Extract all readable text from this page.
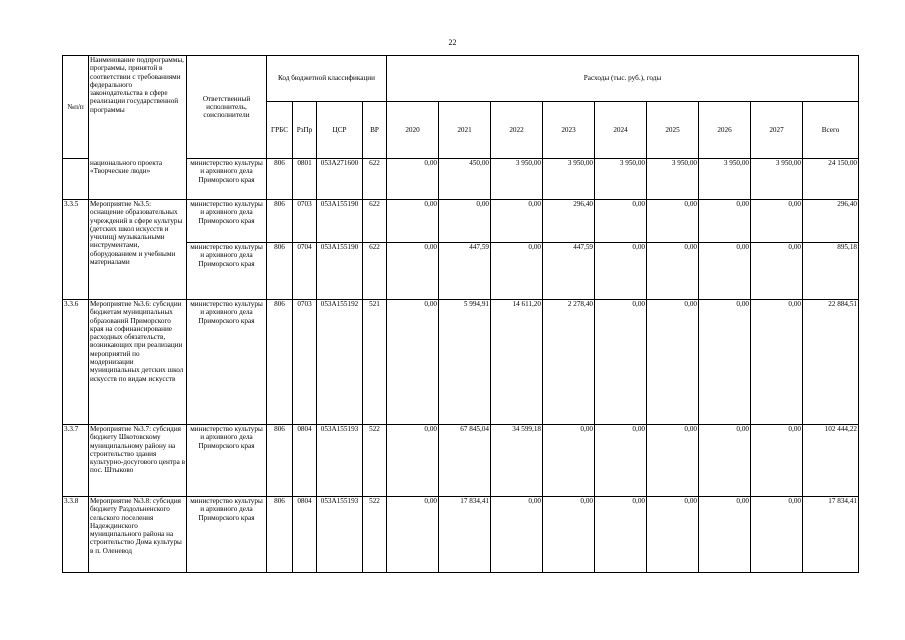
22
№п/п	Наименование подпрограммы, программы, принятой в соответствии с требованиями федерального законодательства в сфере реализации государственной программы	Ответственный исполнитель, соисполнители	Код бюджетной классификации				Расходы (тыс. руб.), годы								
			ГРБС	РзПр	ЦСР	ВР	2020	2021	2022	2023	2024	2025	2026	2027	Всего
	национального проекта «Творческие люди»	министерство культуры и архивного дела Приморского края	806	0801	053А271600	622	0,00	450,00	3 950,00	3 950,00	3 950,00	3 950,00	3 950,00	3 950,00	24 150,00
3.3.5	Мероприятие №3.5: оснащение образовательных учреждений в сфере культуры (детских школ искусств и училищ) музыкальными инструментами, оборудованием и учебными материалами	министерство культуры и архивного дела Приморского края	806	0703	053А155190	622	0,00	0,00	0,00	296,40	0,00	0,00	0,00	0,00	296,40
		министерство культуры и архивного дела Приморского края	806	0704	053А155190	622	0,00	447,59	0,00	447,59	0,00	0,00	0,00	0,00	895,18
3.3.6	Мероприятие №3.6: субсидии бюджетам муниципальных образований Приморского края на софинансирование расходных обязательств, возникающих при реализации мероприятий по модернизации муниципальных детских школ искусств по видам искусств	министерство культуры и архивного дела Приморского края	806	0703	053А155192	521	0,00	5 994,91	14 611,20	2 278,40	0,00	0,00	0,00	0,00	22 884,51
3.3.7	Мероприятие №3.7: субсидия бюджету Шкотовскому муниципальному району на строительство здания культурно-досугового центра в пос. Штыково	министерство культуры и архивного дела Приморского края	806	0804	053А155193	522	0,00	67 845,04	34 599,18	0,00	0,00	0,00	0,00	0,00	102 444,22
3.3.8	Мероприятие №3.8: субсидия бюджету Раздольненского сельского поселения Надеждинского муниципального района на строительство Дома культуры в п. Оленевод	министерство культуры и архивного дела Приморского края	806	0804	053А155193	522	0,00	17 834,41	0,00	0,00	0,00	0,00	0,00	0,00	17 834,41
